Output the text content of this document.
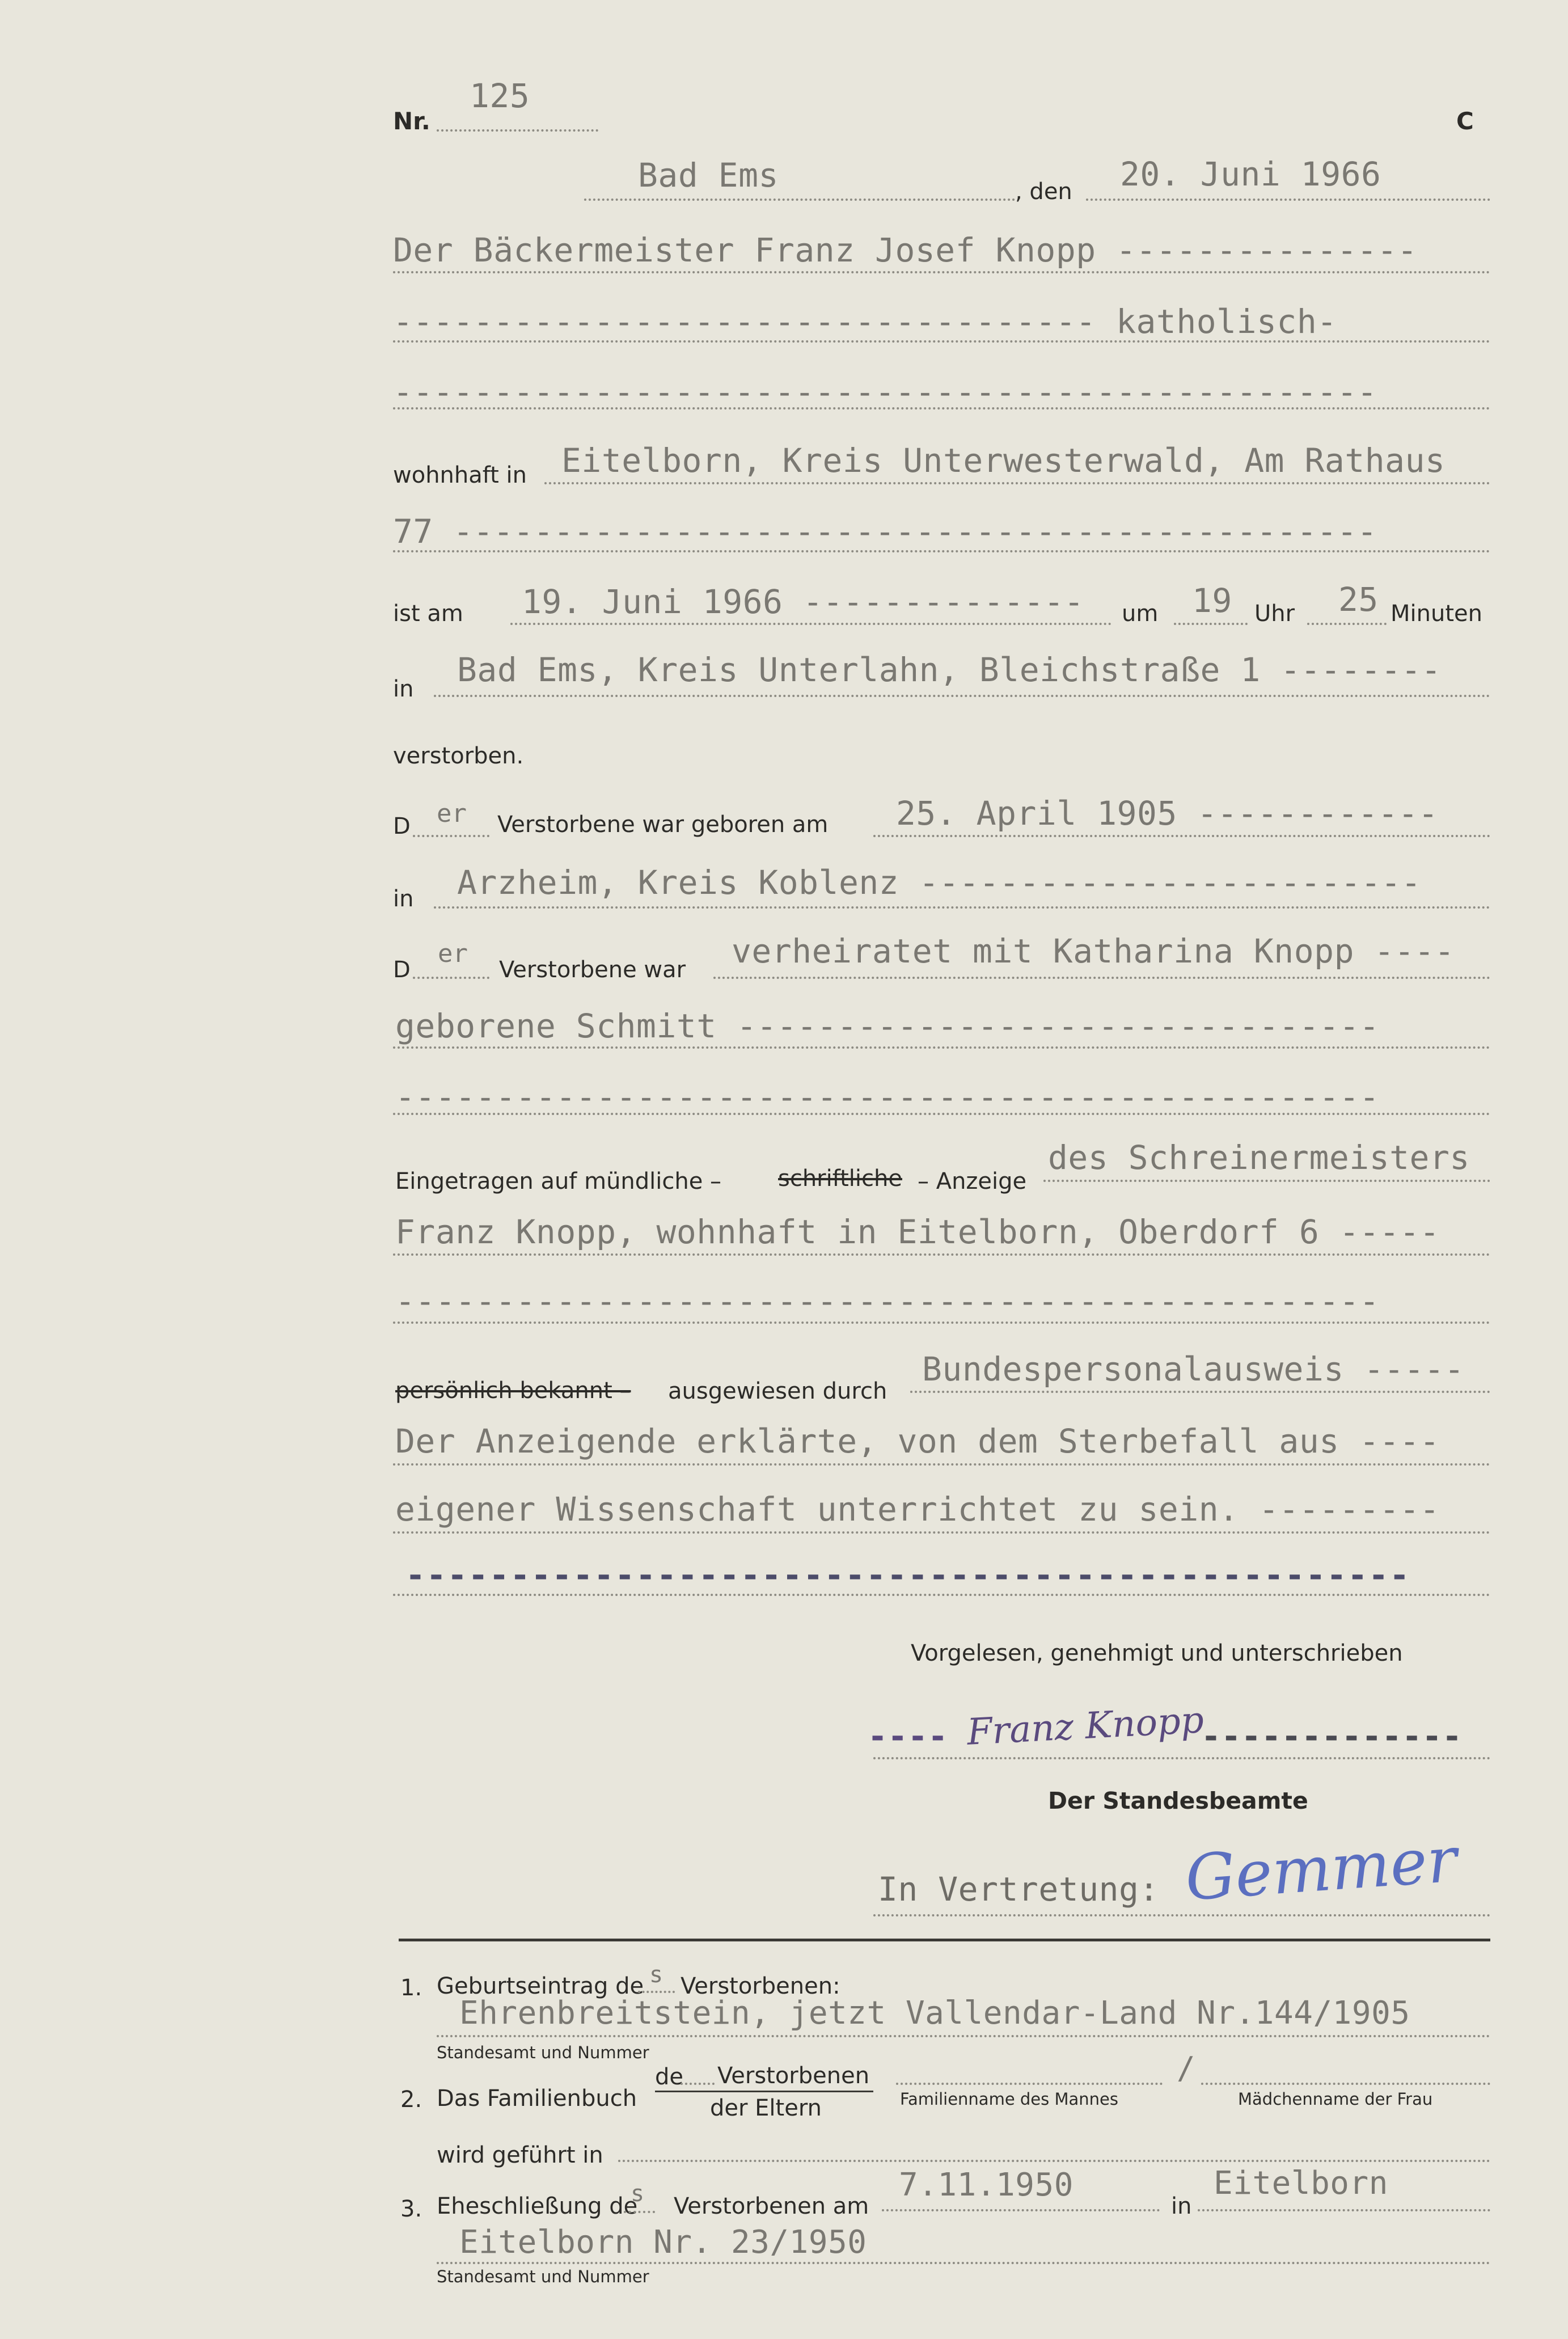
Nr.
125
C
Bad Ems	, den 20. Juni 1966
Der Bäckermeister Franz Josef Knopp ---------------
----------------------------------- katholisch-
-------------------------------------------------
wohnhaft in Eitelborn, Kreis Unterwesterwald, Am Rathaus
77 ----------------------------------------------
ist am 19. Juni 1966 -------------- um 19 Uhr 25 Minuten
in Bad Ems, Kreis Unterlahn, Bleichstraße 1 --------
verstorben.
D er Verstorbene war geboren am 25. April 1905 ------------
in Arzheim, Kreis Koblenz -------------------------
D
er
Verstorbene war verheiratet mit Katharina Knopp ----
geborene Schmitt --------------------------------
-------------------------------------------------
Eingetragen auf mündliche – schriftliche – Anzeige
des Schreinermeisters
Franz Knopp, wohnhaft in Eitelborn, Oberdorf 6 -----
-------------------------------------------------
persönlich bekannt – ausgewiesen durch
Bundespersonalausweis -----
Der Anzeigende erklärte, von dem Sterbefall aus ----
eigener Wissenschaft unterrichtet zu sein. ---------
------------------------------------------------
Vorgelesen, genehmigt und unterschrieben
---- Franz Knopp
-------------
Der Standesbeamte
In Vertretung: Gemmer
1. Geburtseintrag de s Verstorbenen:
Ehrenbreitstein, jetzt Vallendar-Land Nr.144/1905
Standesamt und Nummer
2. Das Familienbuch
de Verstorbenen
der Eltern	Familienname des Mannes
/
Mädchenname der Frau
wird geführt in
3. Eheschließung de
s Verstorbenen am
7.11.1950
in
Eitelborn
Eitelborn Nr. 23/1950
Standesamt und Nummer
